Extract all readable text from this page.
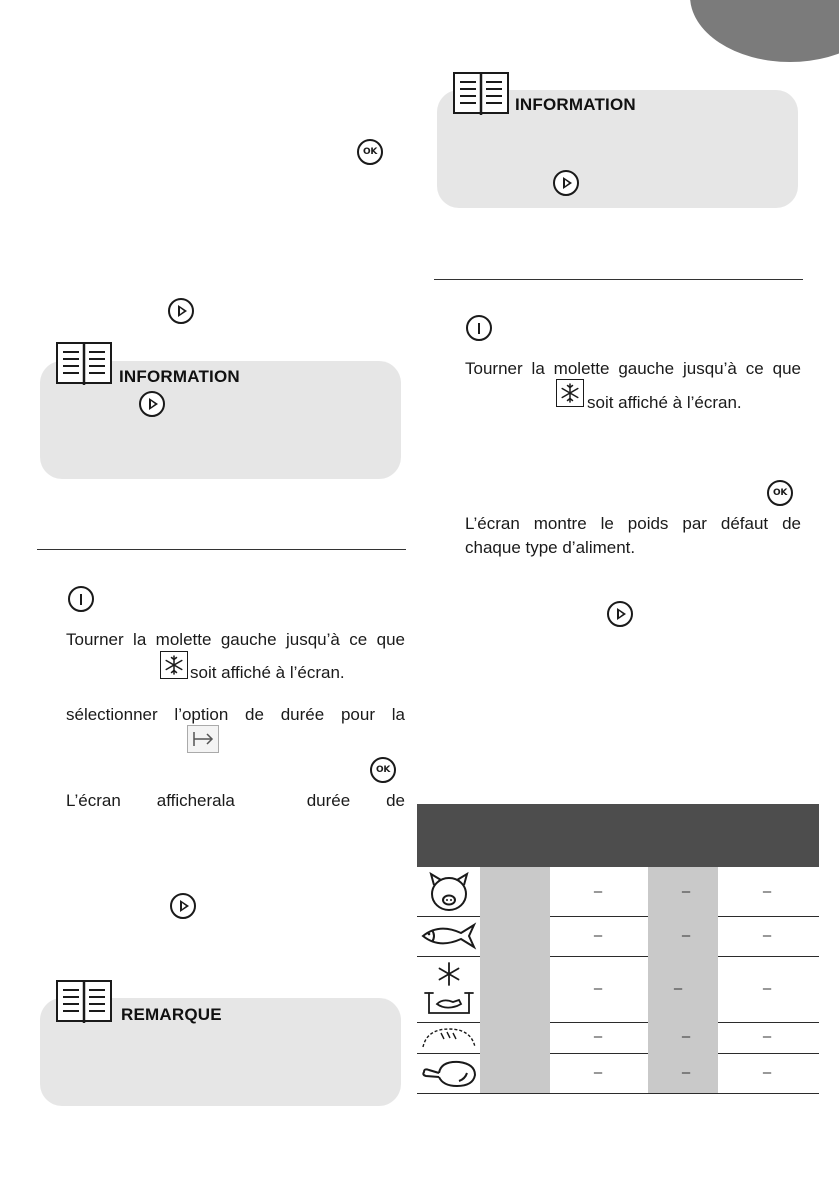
OK
INFORMATION
Tourner la molette gauche jusqu’à ce que
soit affiché à l’écran.
sélectionner l’option de durée pour la
OK
L’écran afficherala	durée de
REMARQUE
INFORMATION
Tourner la molette gauche jusqu’à ce que
soit affiché à l’écran.
OK
L’écran montre le poids par défaut de chaque type d’aliment.
–	–	–
–	–	–
–	–	–
–	–	–
–	–	–
